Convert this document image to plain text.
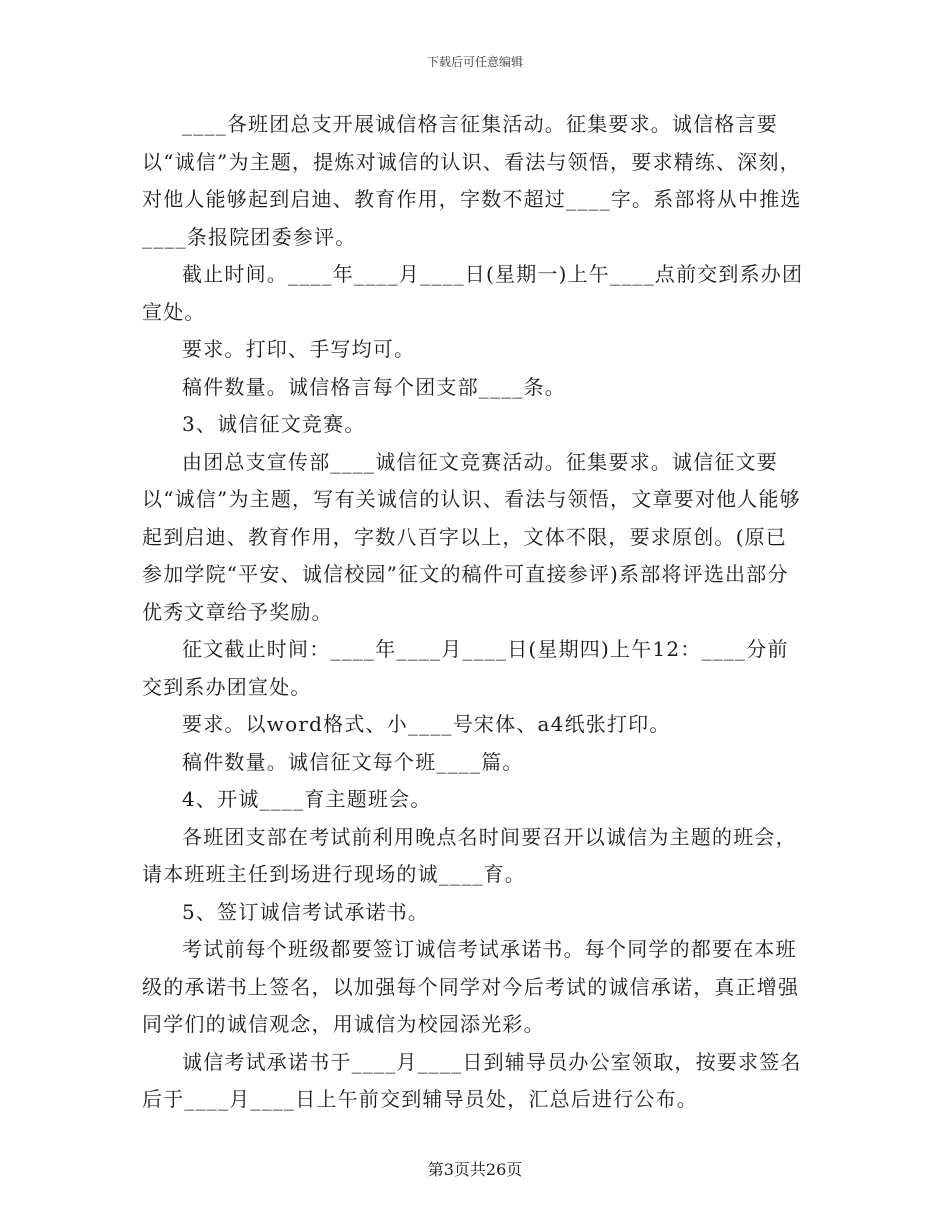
下载后可任意编辑

____各班团总支开展诚信格言征集活动。征集要求。诚信格言要以“诚信”为主题，提炼对诚信的认识、看法与领悟，要求精练、深刻，对他人能够起到启迪、教育作用，字数不超过____字。系部将从中推选____条报院团委参评。

截止时间。____年____月____日(星期一)上午____点前交到系办团宣处。

要求。打印、手写均可。

稿件数量。诚信格言每个团支部____条。

3、诚信征文竞赛。

由团总支宣传部____诚信征文竞赛活动。征集要求。诚信征文要以“诚信”为主题，写有关诚信的认识、看法与领悟，文章要对他人能够起到启迪、教育作用，字数八百字以上，文体不限，要求原创。(原已参加学院“平安、诚信校园”征文的稿件可直接参评)系部将评选出部分优秀文章给予奖励。

征文截止时间：____年____月____日(星期四)上午12：____分前交到系办团宣处。

要求。以word格式、小____号宋体、a4纸张打印。

稿件数量。诚信征文每个班____篇。

4、开诚____育主题班会。

各班团支部在考试前利用晚点名时间要召开以诚信为主题的班会，请本班班主任到场进行现场的诚____育。

5、签订诚信考试承诺书。

考试前每个班级都要签订诚信考试承诺书。每个同学的都要在本班级的承诺书上签名，以加强每个同学对今后考试的诚信承诺，真正增强同学们的诚信观念，用诚信为校园添光彩。

诚信考试承诺书于____月____日到辅导员办公室领取，按要求签名后于____月____日上午前交到辅导员处，汇总后进行公布。

第3页共26页
